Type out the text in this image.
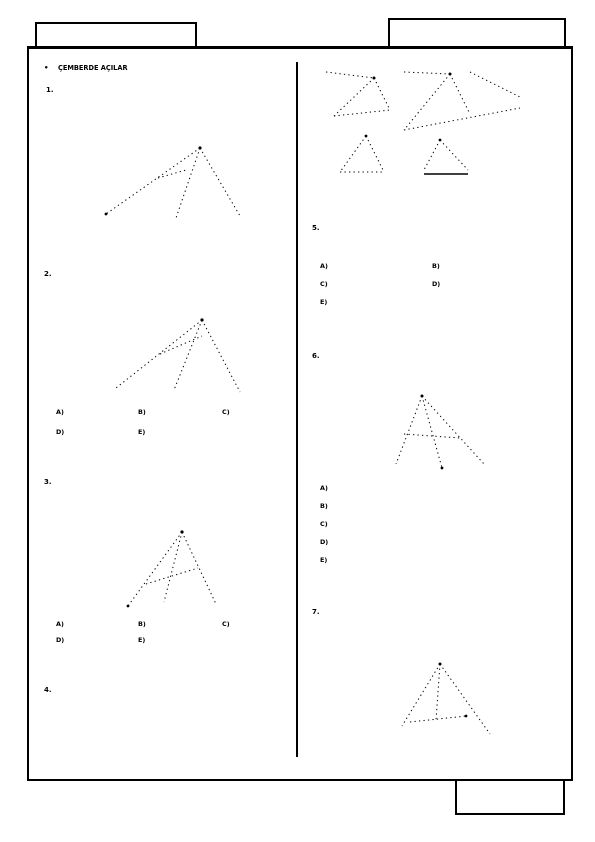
• ÇEMBERDE AÇILAR
1.
2.
A)	B)	C)
D)	E)
3.
A)	B)	C)
D)	E)
4.
5.
A)	B)
C)	D)
E)
6.
A)
B)
C)
D)
E)
7.
